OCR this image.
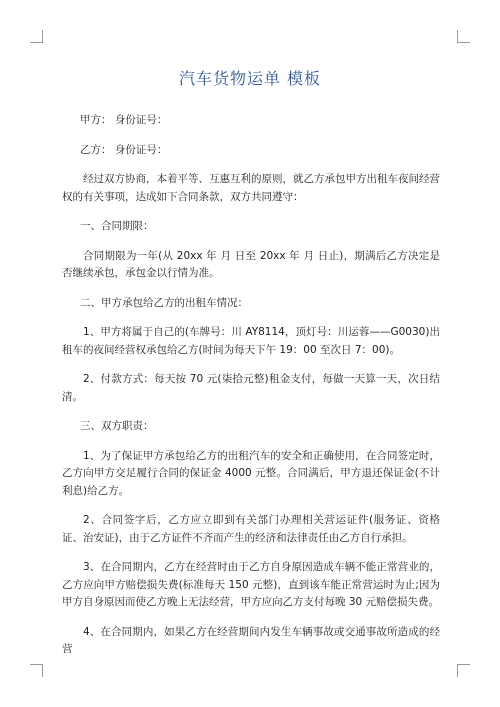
汽车货物运单 模板

甲方： 身份证号：

乙方： 身份证号：

经过双方协商，本着平等、互惠互利的原则，就乙方承包甲方出租车夜间经营权的有关事项，达成如下合同条款，双方共同遵守：

一、合同期限：

合同期限为一年(从 20xx 年 月 日至 20xx 年 月 日止)，期满后乙方决定是否继续承包，承包金以行情为准。

二、甲方承包给乙方的出租车情况：

1、甲方将属于自己的(车牌号：川 AY8114，顶灯号：川运蓉——G0030)出租车的夜间经营权承包给乙方(时间为每天下午 19：00 至次日 7：00)。

2、付款方式：每天按 70 元(柒拾元整)租金支付，每做一天算一天，次日结清。

三、双方职责：

1、为了保证甲方承包给乙方的出租汽车的安全和正确使用，在合同签定时，乙方向甲方交足履行合同的保证金 4000 元整。合同满后，甲方退还保证金(不计利息)给乙方。

2、合同签字后，乙方应立即到有关部门办理相关营运证件(服务证、资格证、治安证)，由于乙方证件不齐而产生的经济和法律责任由乙方自行承担。

3、在合同期内，乙方在经营时由于乙方自身原因造成车辆不能正常营业的，乙方应向甲方赔偿损失费(标准每天 150 元整)，直到该车能正常营运时为止;因为甲方自身原因而使乙方晚上无法经营，甲方应向乙方支付每晚 30 元赔偿损失费。

4、在合同期内，如果乙方在经营期间内发生车辆事故或交通事故所造成的经营
